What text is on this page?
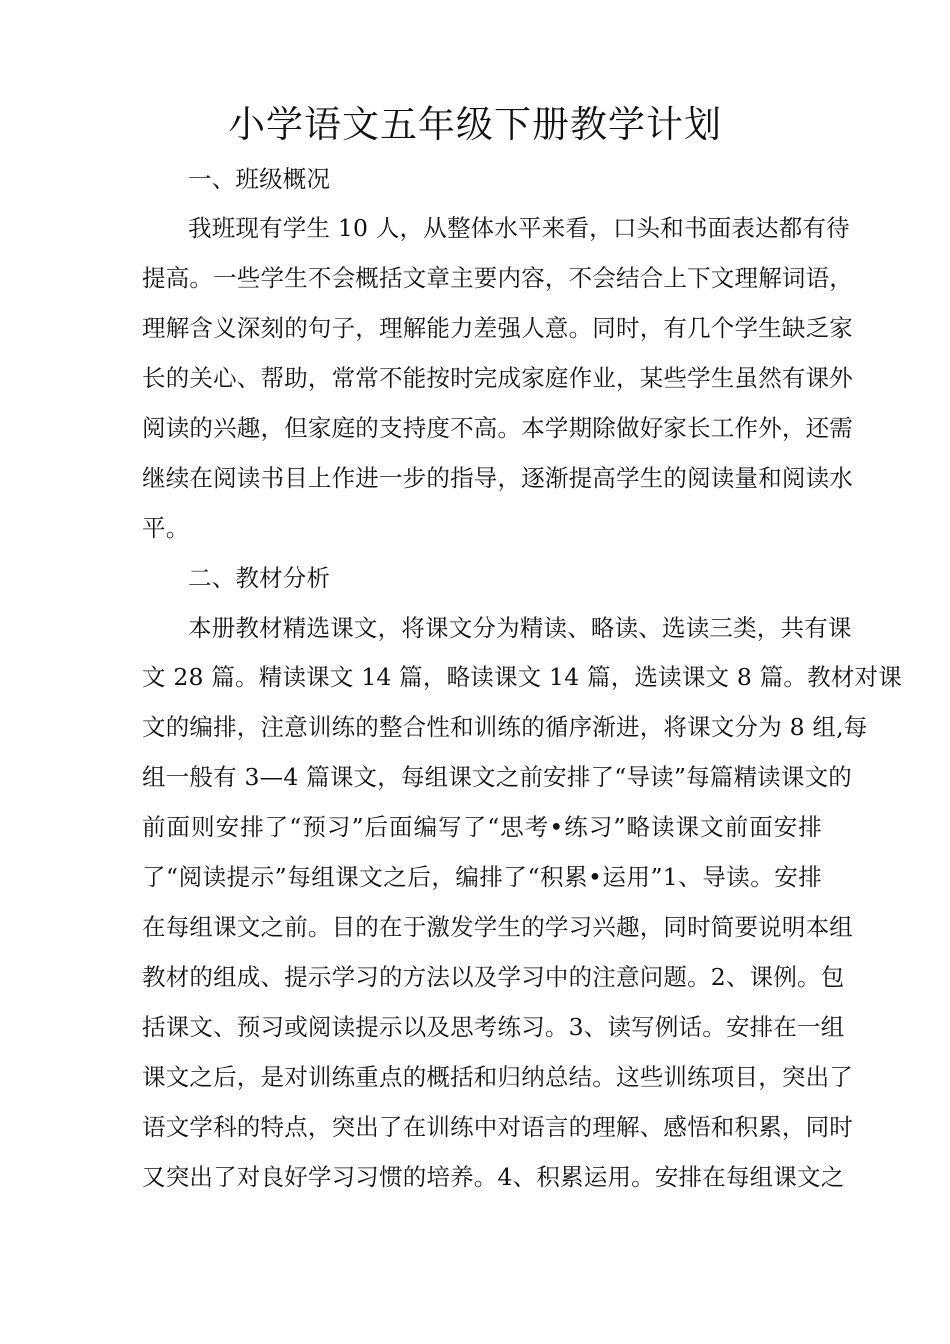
小学语文五年级下册教学计划

一、班级概况

我班现有学生 10 人，从整体水平来看，口头和书面表达都有待

提高。一些学生不会概括文章主要内容，不会结合上下文理解词语，

理解含义深刻的句子，理解能力差强人意。同时，有几个学生缺乏家

长的关心、帮助，常常不能按时完成家庭作业，某些学生虽然有课外

阅读的兴趣，但家庭的支持度不高。本学期除做好家长工作外，还需

继续在阅读书目上作进一步的指导，逐渐提高学生的阅读量和阅读水

平。

二、教材分析

本册教材精选课文，将课文分为精读、略读、选读三类，共有课

文 28 篇。精读课文 14 篇，略读课文 14 篇，选读课文 8 篇。教材对课

文的编排，注意训练的整合性和训练的循序渐进，将课文分为 8 组,每

组一般有 3—4 篇课文，每组课文之前安排了“导读”每篇精读课文的

前面则安排了“预习”后面编写了“思考•练习”略读课文前面安排

了“阅读提示”每组课文之后，编排了“积累•运用”1、导读。安排

在每组课文之前。目的在于激发学生的学习兴趣，同时简要说明本组

教材的组成、提示学习的方法以及学习中的注意问题。2、课例。包

括课文、预习或阅读提示以及思考练习。3、读写例话。安排在一组

课文之后，是对训练重点的概括和归纳总结。这些训练项目，突出了

语文学科的特点，突出了在训练中对语言的理解、感悟和积累，同时

又突出了对良好学习习惯的培养。4、积累运用。安排在每组课文之
